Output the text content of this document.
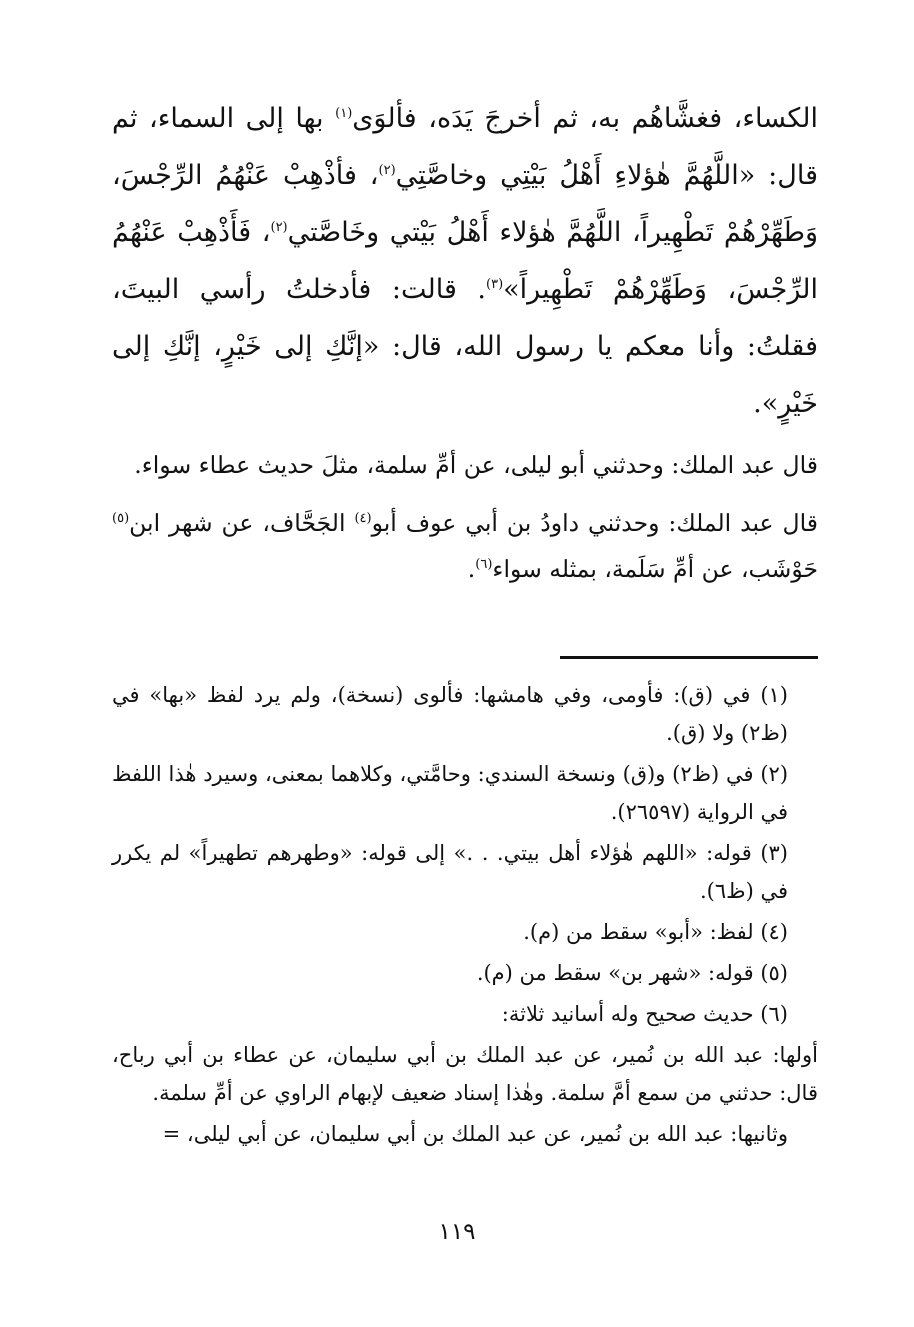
الكساء، فغشَّاهُم به، ثم أخرجَ يَدَه، فألوَى$^{(١)}$ بها إلى السماء، ثم قال: «اللَّهُمَّ هٰؤلاءِ أَهْلُ بَيْتِي وخاصَّتِي$^{(٢)}$، فأذْهِبْ عَنْهُمُ الرِّجْسَ، وَطَهِّرْهُمْ تَطْهِيراً، اللَّهُمَّ هٰؤلاء أَهْلُ بَيْتي وخَاصَّتي$^{(٢)}$، فَأَذْهِبْ عَنْهُمُ الرِّجْسَ، وَطَهِّرْهُمْ تَطْهِيراً»$^{(٣)}$. قالت: فأدخلتُ رأسي البيتَ، فقلتُ: وأنا معكم يا رسول الله، قال: «إنَّكِ إلى خَيْرٍ، إنَّكِ إلى خَيْرٍ».

قال عبد الملك: وحدثني أبو ليلى، عن أمِّ سلمة، مثلَ حديث عطاء سواء.

قال عبد الملك: وحدثني داودُ بن أبي عوف أبو$^{(٤)}$ الجَحَّاف، عن شهر ابن$^{(٥)}$ حَوْشَب، عن أمِّ سَلَمة، بمثله سواء$^{(٦)}$.

(١) في (ق): فأومى، وفي هامشها: فألوى (نسخة)، ولم يرد لفظ «بها» في (ظ٢) ولا (ق).

(٢) في (ظ٢) و(ق) ونسخة السندي: وحامَّتي، وكلاهما بمعنى، وسيرد هٰذا اللفظ في الرواية (٢٦٥٩٧).

(٣) قوله: «اللهم هٰؤلاء أهل بيتي. . .» إلى قوله: «وطهرهم تطهيراً» لم يكرر في (ظ٦).

(٤) لفظ: «أبو» سقط من (م).

(٥) قوله: «شهر بن» سقط من (م).

(٦) حديث صحيح وله أسانيد ثلاثة:

أولها: عبد الله بن نُمير، عن عبد الملك بن أبي سليمان، عن عطاء بن أبي رباح، قال: حدثني من سمع أمَّ سلمة. وهٰذا إسناد ضعيف لإبهام الراوي عن أمِّ سلمة.

وثانيها: عبد الله بن نُمير، عن عبد الملك بن أبي سليمان، عن أبي ليلى، =

١١٩
